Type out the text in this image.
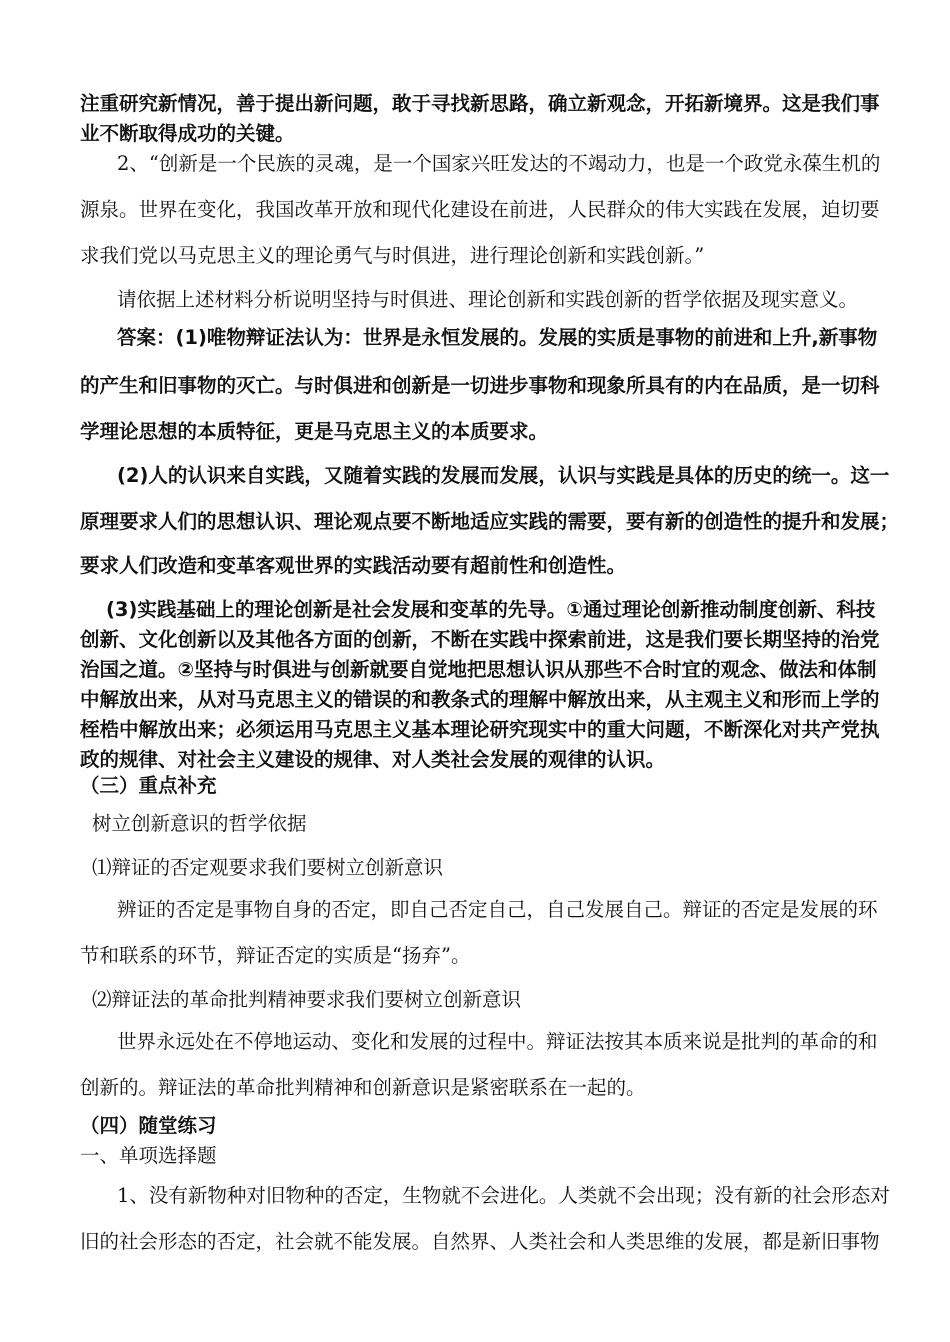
注重研究新情况，善于提出新问题，敢于寻找新思路，确立新观念，开拓新境界。这是我们事
业不断取得成功的关键。
2、“创新是一个民族的灵魂，是一个国家兴旺发达的不竭动力，也是一个政党永葆生机的
源泉。世界在变化，我国改革开放和现代化建设在前进，人民群众的伟大实践在发展，迫切要
求我们党以马克思主义的理论勇气与时俱进，进行理论创新和实践创新。”
请依据上述材料分析说明坚持与时俱进、理论创新和实践创新的哲学依据及现实意义。
答案：(1)唯物辩证法认为：世界是永恒发展的。发展的实质是事物的前进和上升,新事物
的产生和旧事物的灭亡。与时俱进和创新是一切进步事物和现象所具有的内在品质，是一切科
学理论思想的本质特征，更是马克思主义的本质要求。
(2)人的认识来自实践，又随着实践的发展而发展，认识与实践是具体的历史的统一。这一
原理要求人们的思想认识、理论观点要不断地适应实践的需要，要有新的创造性的提升和发展；
要求人们改造和变革客观世界的实践活动要有超前性和创造性。
(3)实践基础上的理论创新是社会发展和变革的先导。①通过理论创新推动制度创新、科技
创新、文化创新以及其他各方面的创新，不断在实践中探索前进，这是我们要长期坚持的治党
治国之道。②坚持与时俱进与创新就要自觉地把思想认识从那些不合时宜的观念、做法和体制
中解放出来，从对马克思主义的错误的和教条式的理解中解放出来，从主观主义和形而上学的
桎梏中解放出来；必须运用马克思主义基本理论研究现实中的重大问题，不断深化对共产党执
政的规律、对社会主义建设的规律、对人类社会发展的观律的认识。
（三）重点补充
树立创新意识的哲学依据
⑴辩证的否定观要求我们要树立创新意识
辨证的否定是事物自身的否定，即自己否定自己，自己发展自己。辩证的否定是发展的环
节和联系的环节，辩证否定的实质是“扬弃”。
⑵辩证法的革命批判精神要求我们要树立创新意识
世界永远处在不停地运动、变化和发展的过程中。辩证法按其本质来说是批判的革命的和
创新的。辩证法的革命批判精神和创新意识是紧密联系在一起的。
（四）随堂练习
一、单项选择题
1、没有新物种对旧物种的否定，生物就不会进化。人类就不会出现；没有新的社会形态对
旧的社会形态的否定，社会就不能发展。自然界、人类社会和人类思维的发展，都是新旧事物
